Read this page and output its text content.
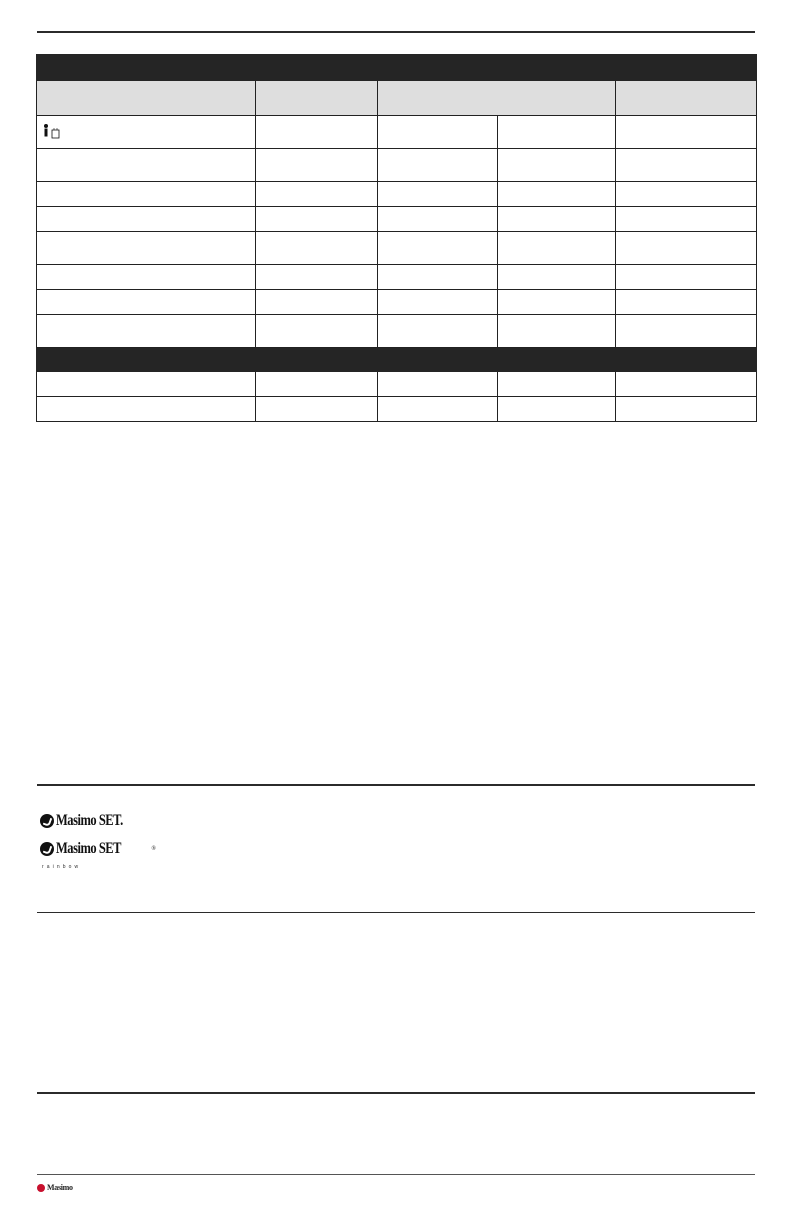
Masimo SET.
Masimo SET	®
rainbow
Masimo
